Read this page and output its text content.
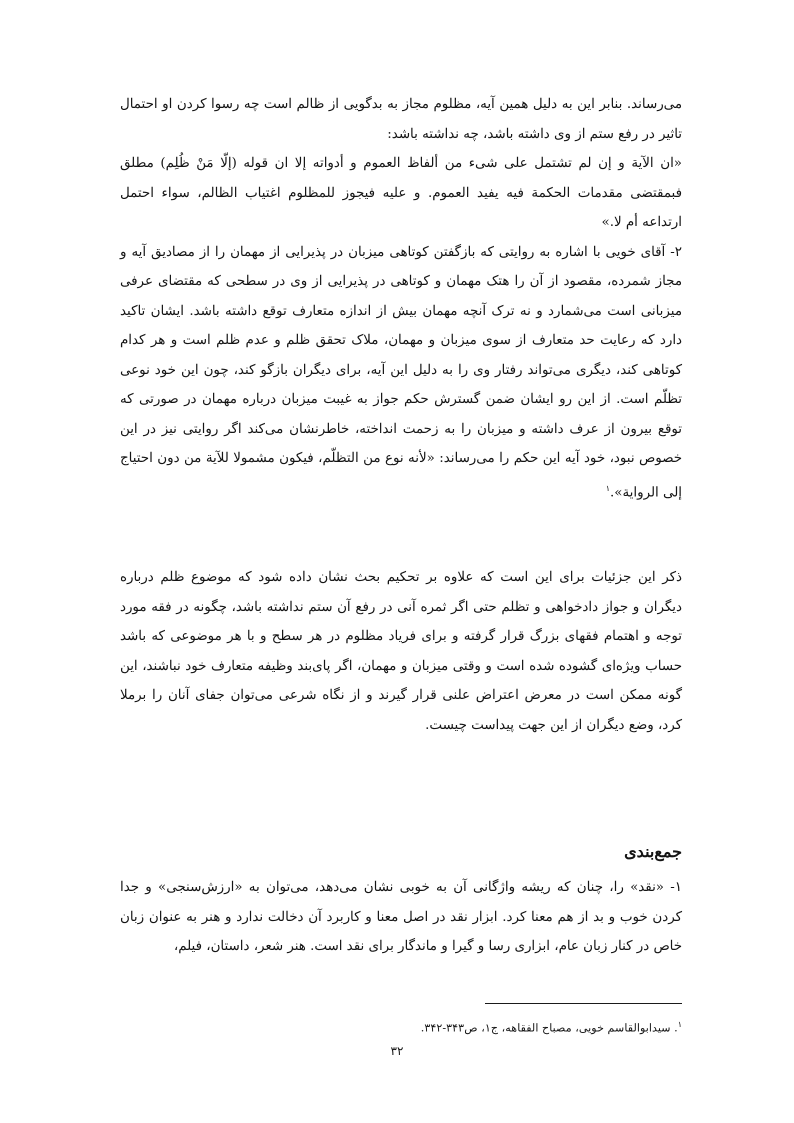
می‌رساند. بنابر این به دلیل همین آیه، مظلوم مجاز به بدگویی از ظالم است چه رسوا کردن او احتمال تاثیر در رفع ستم از وی داشته باشد، چه نداشته باشد:

«ان الآیة و إن لم تشتمل علی شیء من ألفاظ العموم و أدواته إلا ان قوله (إلّا مَنْ ظُلِم) مطلق فبمقتضی مقدمات الحکمة فیه یفید العموم. و علیه فیجوز للمظلوم اغتیاب الظالم، سواء احتمل ارتداعه أم لا.»

۲- آقای خویی با اشاره به روایتی که بازگفتن کوتاهی میزبان در پذیرایی از مهمان را از مصادیق آیه و مجاز شمرده، مقصود از آن را هتک مهمان و کوتاهی در پذیرایی از وی در سطحی که مقتضای عرفی میزبانی است می‌شمارد و نه ترک آنچه مهمان بیش از اندازه متعارف توقع داشته باشد. ایشان تاکید دارد که رعایت حد متعارف از سوی میزبان و مهمان، ملاک تحقق ظلم و عدم ظلم است و هر کدام کوتاهی کند، دیگری می‌تواند رفتار وی را به دلیل این آیه، برای دیگران بازگو کند، چون این خود نوعی تظلّم است. از این رو ایشان ضمن گسترش حکم جواز به غیبت میزبان درباره مهمان در صورتی که توقع بیرون از عرف داشته و میزبان را به زحمت انداخته، خاطرنشان می‌کند اگر روایتی نیز در این خصوص نبود، خود آیه این حکم را می‌رساند: «لأنه نوع من التظلّم، فیکون مشمولا للآیة من دون احتیاج إلی الروایة».$^۱$

ذکر این جزئیات برای این است که علاوه بر تحکیم بحث نشان داده شود که موضوع ظلم درباره دیگران و جواز دادخواهی و تظلم حتی اگر ثمره آنی در رفع آن ستم نداشته باشد، چگونه در فقه مورد توجه و اهتمام فقهای بزرگ قرار گرفته و برای فریاد مظلوم در هر سطح و با هر موضوعی که باشد حساب ویژه‌ای گشوده شده است و وقتی میزبان و مهمان، اگر پای‌بند وظیفه متعارف خود نباشند، این گونه ممکن است در معرض اعتراض علنی قرار گیرند و از نگاه شرعی می‌توان جفای آنان را برملا کرد، وضع دیگران از این جهت پیداست چیست.

جمع‌بندی

۱- «نقد» را، چنان که ریشه واژگانی آن به خوبی نشان می‌دهد، می‌توان به «ارزش‌سنجی» و جدا کردن خوب و بد از هم معنا کرد. ابزار نقد در اصل معنا و کاربرد آن دخالت ندارد و هنر به عنوان زبان خاص در کنار زبان عام، ابزاری رسا و گیرا و ماندگار برای نقد است. هنر شعر، داستان، فیلم،

$^۱$. سیدابوالقاسم خویی، مصباح الفقاهه، ج۱، ص۳۴۳-۳۴۲.
۳۲
